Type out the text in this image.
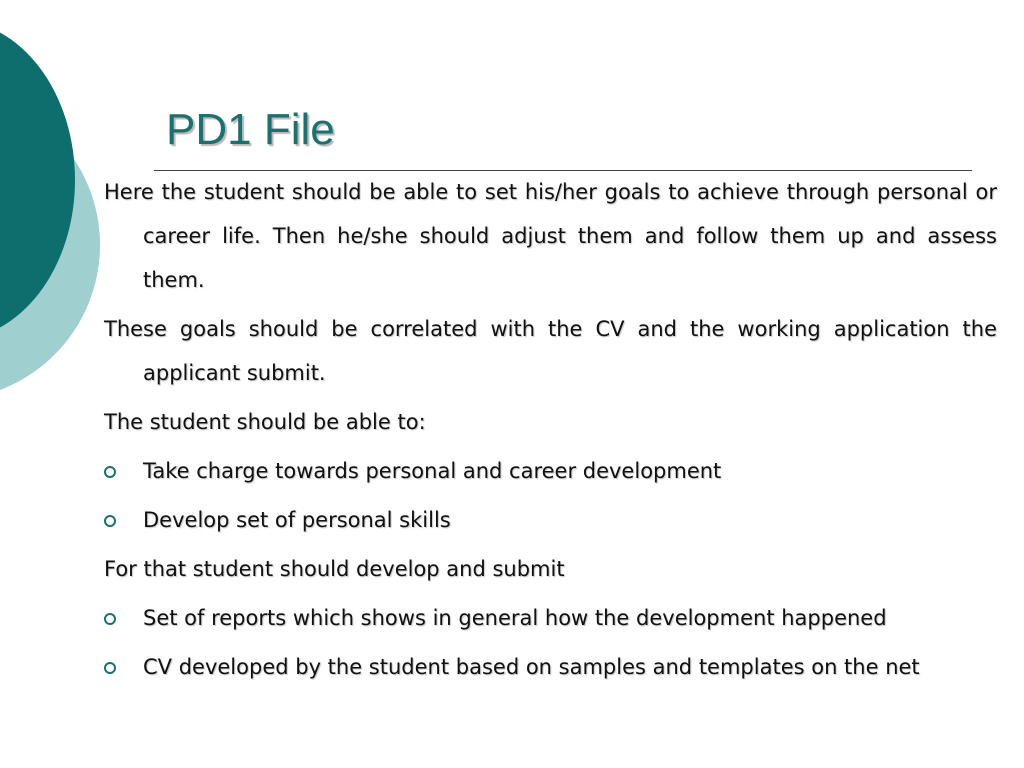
PD1 File

Here the student should be able to set his/her goals to achieve through personal or career life. Then he/she should adjust them and follow them up and assess them.

These goals should be correlated with the CV and the working application the applicant submit.

The student should be able to:

Take charge towards personal and career development
Develop set of personal skills

For that student should develop and submit

Set of reports which shows in general how the development happened
CV developed by the student based on samples and templates on the net
